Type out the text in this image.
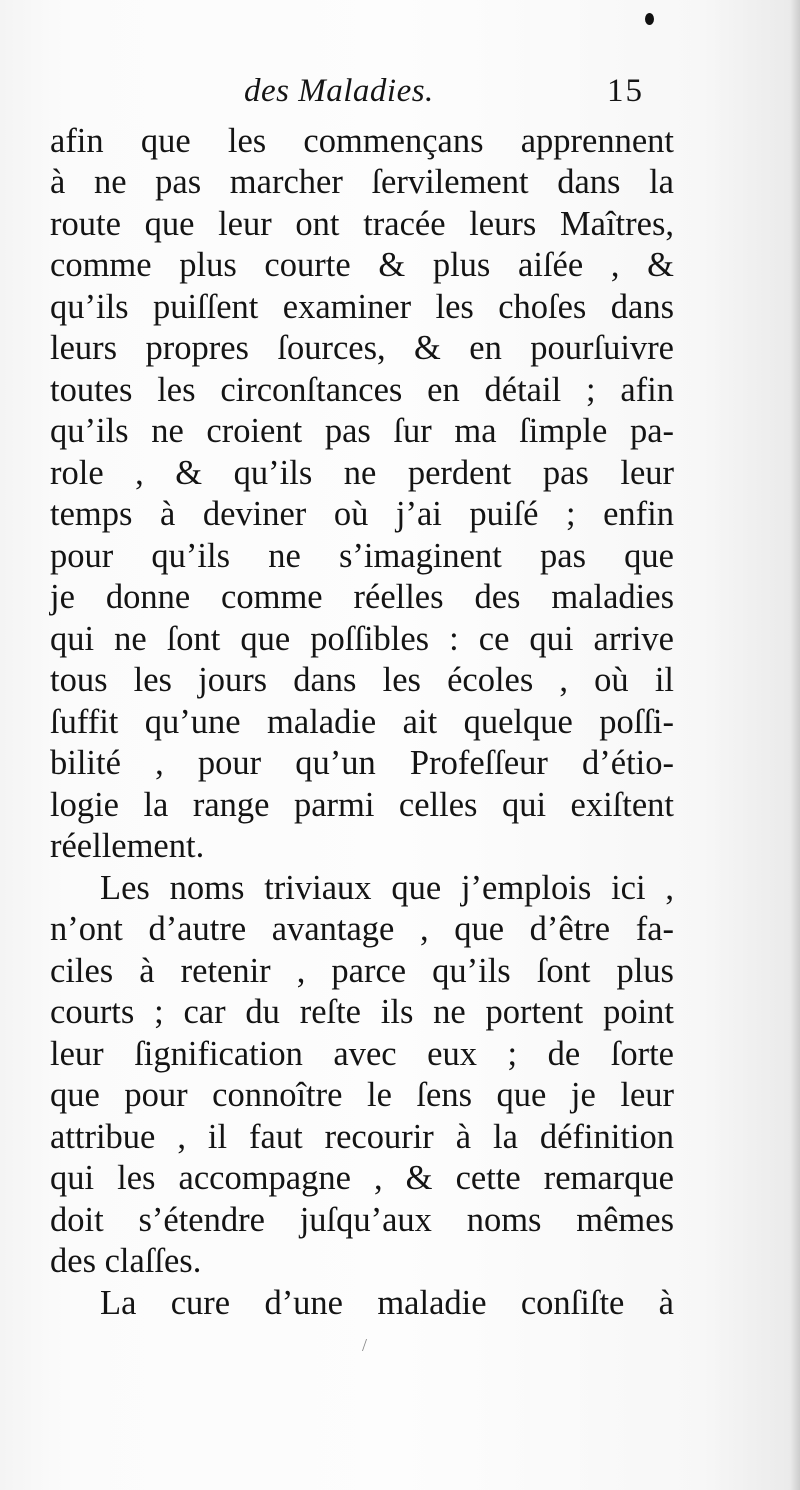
des Maladies.	15
afin que les commençans apprennent
à ne pas marcher ſervilement dans la
route que leur ont tracée leurs Maîtres,
comme plus courte & plus aiſée , &
qu’ils puiſſent examiner les choſes dans
leurs propres ſources, & en pourſuivre
toutes les circonſtances en détail ; afin
qu’ils ne croient pas ſur ma ſimple pa-
role , & qu’ils ne perdent pas leur
temps à deviner où j’ai puiſé ; enfin
pour qu’ils ne s’imaginent pas que
je donne comme réelles des maladies
qui ne ſont que poſſibles : ce qui arrive
tous les jours dans les écoles , où il
ſuffit qu’une maladie ait quelque poſſi-
bilité , pour qu’un Profeſſeur d’étio-
logie la range parmi celles qui exiſtent
réellement.
Les noms triviaux que j’emplois ici ,
n’ont d’autre avantage , que d’être fa-
ciles à retenir , parce qu’ils ſont plus
courts ; car du reſte ils ne portent point
leur ſignification avec eux ; de ſorte
que pour connoître le ſens que je leur
attribue , il faut recourir à la définition
qui les accompagne , & cette remarque
doit s’étendre juſqu’aux noms mêmes
des claſſes.
La cure d’une maladie conſiſte à
/
